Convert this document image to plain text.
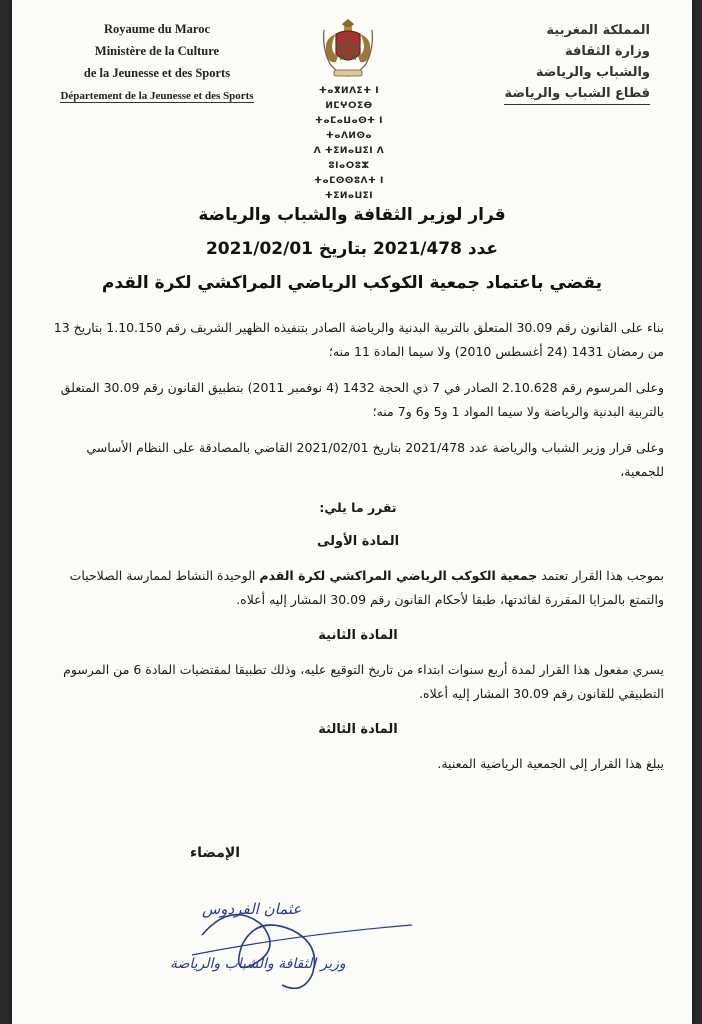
Royaume du Maroc
Ministère de la Culture
de la Jeunesse et des Sports
Département de la Jeunesse et des Sports	ⵜⴰⴳⵍⴷⵉⵜ ⵏ ⵍⵎⵖⵔⵉⴱ
ⵜⴰⵎⴰⵡⴰⵙⵜ ⵏ ⵜⴰⴷⵍⵙⴰ
ⴷ ⵜⵉⵍⴰⵡⵉⵏ ⴷ ⵓⵏⴰⵔⵓⵣ
ⵜⴰⵎⵙⵙⵓⴷⵜ ⵏ ⵜⵉⵍⴰⵡⵉⵏ
المملكة المغربية
وزارة الثقافة
والشباب والرياضة
قطاع الشباب والرياضة
قرار لوزير الثقافة والشباب والرياضة
عدد 2021/478 بتاريخ 2021/02/01
يقضي باعتماد جمعية الكوكب الرياضي المراكشي لكرة القدم

بناء على القانون رقم 30.09 المتعلق بالتربية البدنية والرياضة الصادر بتنفيذه الظهير الشريف رقم 1.10.150 بتاريخ 13 من رمضان 1431 (24 أغسطس 2010) ولا سيما المادة 11 منه؛

وعلى المرسوم رقم 2.10.628 الصادر في 7 ذي الحجة 1432 (4 نوفمبر 2011) بتطبيق القانون رقم 30.09 المتعلق بالتربية البدنية والرياضة ولا سيما المواد 1 و5 و6 و7 منه؛

وعلى قرار وزير الشباب والرياضة عدد 2021/478 بتاريخ 2021/02/01 القاضي بالمصادقة على النظام الأساسي للجمعية،

تقرر ما يلي:
المادة الأولى

بموجب هذا القرار تعتمد جمعية الكوكب الرياضي المراكشي لكرة القدم الوحيدة النشاط لممارسة الصلاحيات والتمتع بالمزايا المقررة لفائدتها، طبقا لأحكام القانون رقم 30.09 المشار إليه أعلاه.

المادة الثانية

يسري مفعول هذا القرار لمدة أربع سنوات ابتداء من تاريخ التوقيع عليه، وذلك تطبيقا لمقتضيات المادة 6 من المرسوم التطبيقي للقانون رقم 30.09 المشار إليه أعلاه.

المادة الثالثة

يبلغ هذا القرار إلى الجمعية الرياضية المعنية.

الإمضاء
عثمان الفردوس
وزير الثقافة والشباب والرياضة
